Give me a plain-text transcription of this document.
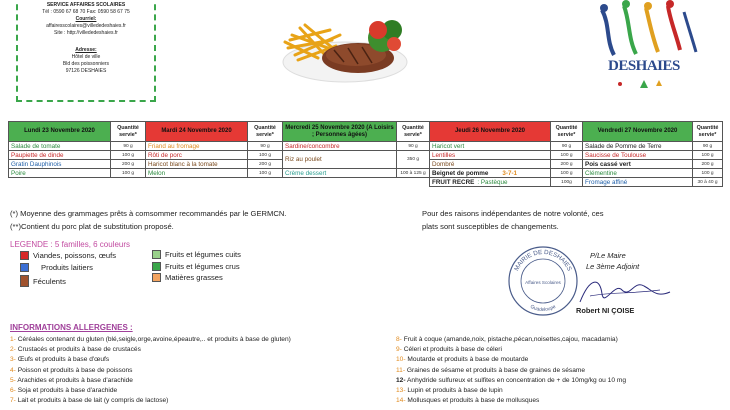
SERVICE AFFAIRES SCOLAIRES
Tél : 0590 67 68 70 Fax: 0590 58 67 75
Courriel:
affairesscolaires@villededeshaies.fr
Site : http://villededeshaies.fr
Adresse:
Hôtel de ville
Bld des poissonniers
97126 DESHAIES	DESHAIES
Lundi 23 Novembre 2020	Quantité servie*	Mardi 24 Novembre 2020	Quantité servie*	Mercredi 25 Novembre 2020 (A Loisirs ; Personnes âgées)	Quantité servie*	Jeudi 26 Novembre 2020	Quantité servie*	Vendredi 27 Novembre 2020	Quantité servie*
Salade de tomate	90 g	Friand au fromage	90 g	Sardine/concombre	90 g	Haricot vert	90 g	Salade de Pomme de Terre	90 g
Paupiette de dinde	100 g	Rôti de porc	100 g	Riz au poulet	350 g	Lentilles	100 g	Saucisse de Toulouse	100 g
Gratin Dauphinois	200 g	Haricot blanc à la tomate	200 g			Dombré	200 g	Pois cassé vert	200 g
Poire	100 g	Melon	100 g	Crème dessert	100 à 125 g	Beignet de pomme 3-7-1	100 g	Clémentine	100 g
						FRUIT RECRE : Pastèque	100g	Fromage affiné	30 à 40 g
(*) Moyenne des grammages prêts à comsommer recommandés par le GERMCN.
(**)Contient du porc plat de substitution proposé.
Pour des raisons indépendantes de notre volonté, ces
plats sont susceptibles de changements.
LEGENDE : 5 familles, 6 couleurs
Viandes, poissons, œufs
Produits laitiers
Féculents
Fruits et légumes cuits
Fruits et légumes crus
Matières grasses
MAIRIE DE DESHAIES
Affaires Scolaires
Guadeloupe
P/Le Maire
Le 3ème Adjoint
Robert NI ÇOISE
INFORMATIONS ALLERGENES :
1- Céréales contenant du gluten (blé,seigle,orge,avoine,épeautre,.. et produits à base de gluten)
2- Crustacés et produits à base de crustacés
3- Œufs et produits à base d'œufs
4- Poisson et produits à base de poissons
5- Arachides et produits à base d'arachide
6- Soja et produits à base d'arachide
7- Lait et produits à base de lait (y compris de lactose)
8- Fruit à coque (amande,noix, pistache,pécan,noisettes,cajou, macadamia)
9- Céleri et produits à base de céleri
10- Moutarde et produits à base de moutarde
11- Graines de sésame et produits à base de graines de sésame
12- Anhydride sulfureux et sulfites en concentration de + de 10mg/kg ou 10 mg
13- Lupin et produits à base de lupin
14- Mollusques et produits à base de mollusques
